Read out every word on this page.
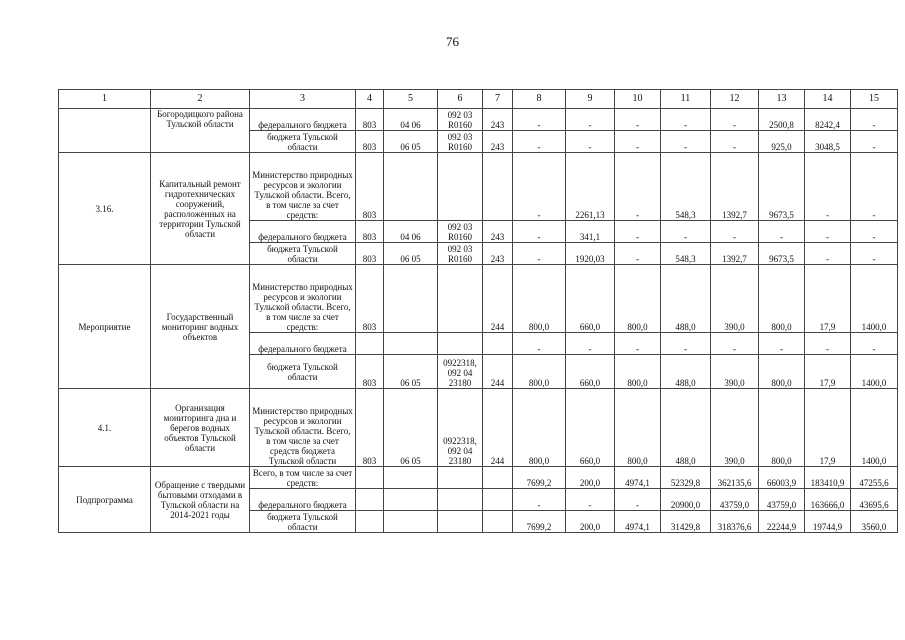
76
1	2	3	4	5	6	7	8	9	10	11	12	13	14	15
	Богородицкого района Тульской области	федерального бюджета	803	04 06	092 03 R0160	243	-	-	-	-	-	2500,8	8242,4	-
		бюджета Тульской области	803	06 05	092 03 R0160	243	-	-	-	-	-	925,0	3048,5	-
3.16.	Капитальный ремонт гидротехнических сооружений, расположенных на территории Тульской области	Министерство природных ресурсов и экологии Тульской области. Всего, в том числе за счет средств:	803				-	2261,13	-	548,3	1392,7	9673,5	-	-
		федерального бюджета	803	04 06	092 03 R0160	243	-	341,1	-	-	-	-	-	-
		бюджета Тульской области	803	06 05	092 03 R0160	243	-	1920,03	-	548,3	1392,7	9673,5	-	-
Мероприятие	Государственный мониторинг водных объектов	Министерство природных ресурсов и экологии Тульской области. Всего, в том числе за счет средств:	803			244	800,0	660,0	800,0	488,0	390,0	800,0	17,9	1400,0
		федерального бюджета					-	-	-	-	-	-	-	-
		бюджета Тульской области	803	06 05	0922318, 092 04 23180	244	800,0	660,0	800,0	488,0	390,0	800,0	17,9	1400,0
4.1.	Организация мониторинга дна и берегов водных объектов Тульской области	Министерство природных ресурсов и экологии Тульской области. Всего, в том числе за счет средств бюджета Тульской области	803	06 05	0922318, 092 04 23180	244	800,0	660,0	800,0	488,0	390,0	800,0	17,9	1400,0
Подпрограмма	Обращение с твердыми бытовыми отходами в Тульской области на 2014-2021 годы	Всего, в том числе за счет средств:					7699,2	200,0	4974,1	52329,8	362135,6	66003,9	183410,9	47255,6
		федерального бюджета					-	-	-	20900,0	43759,0	43759,0	163666,0	43695,6
		бюджета Тульской области					7699,2	200,0	4974,1	31429,8	318376,6	22244,9	19744,9	3560,0
